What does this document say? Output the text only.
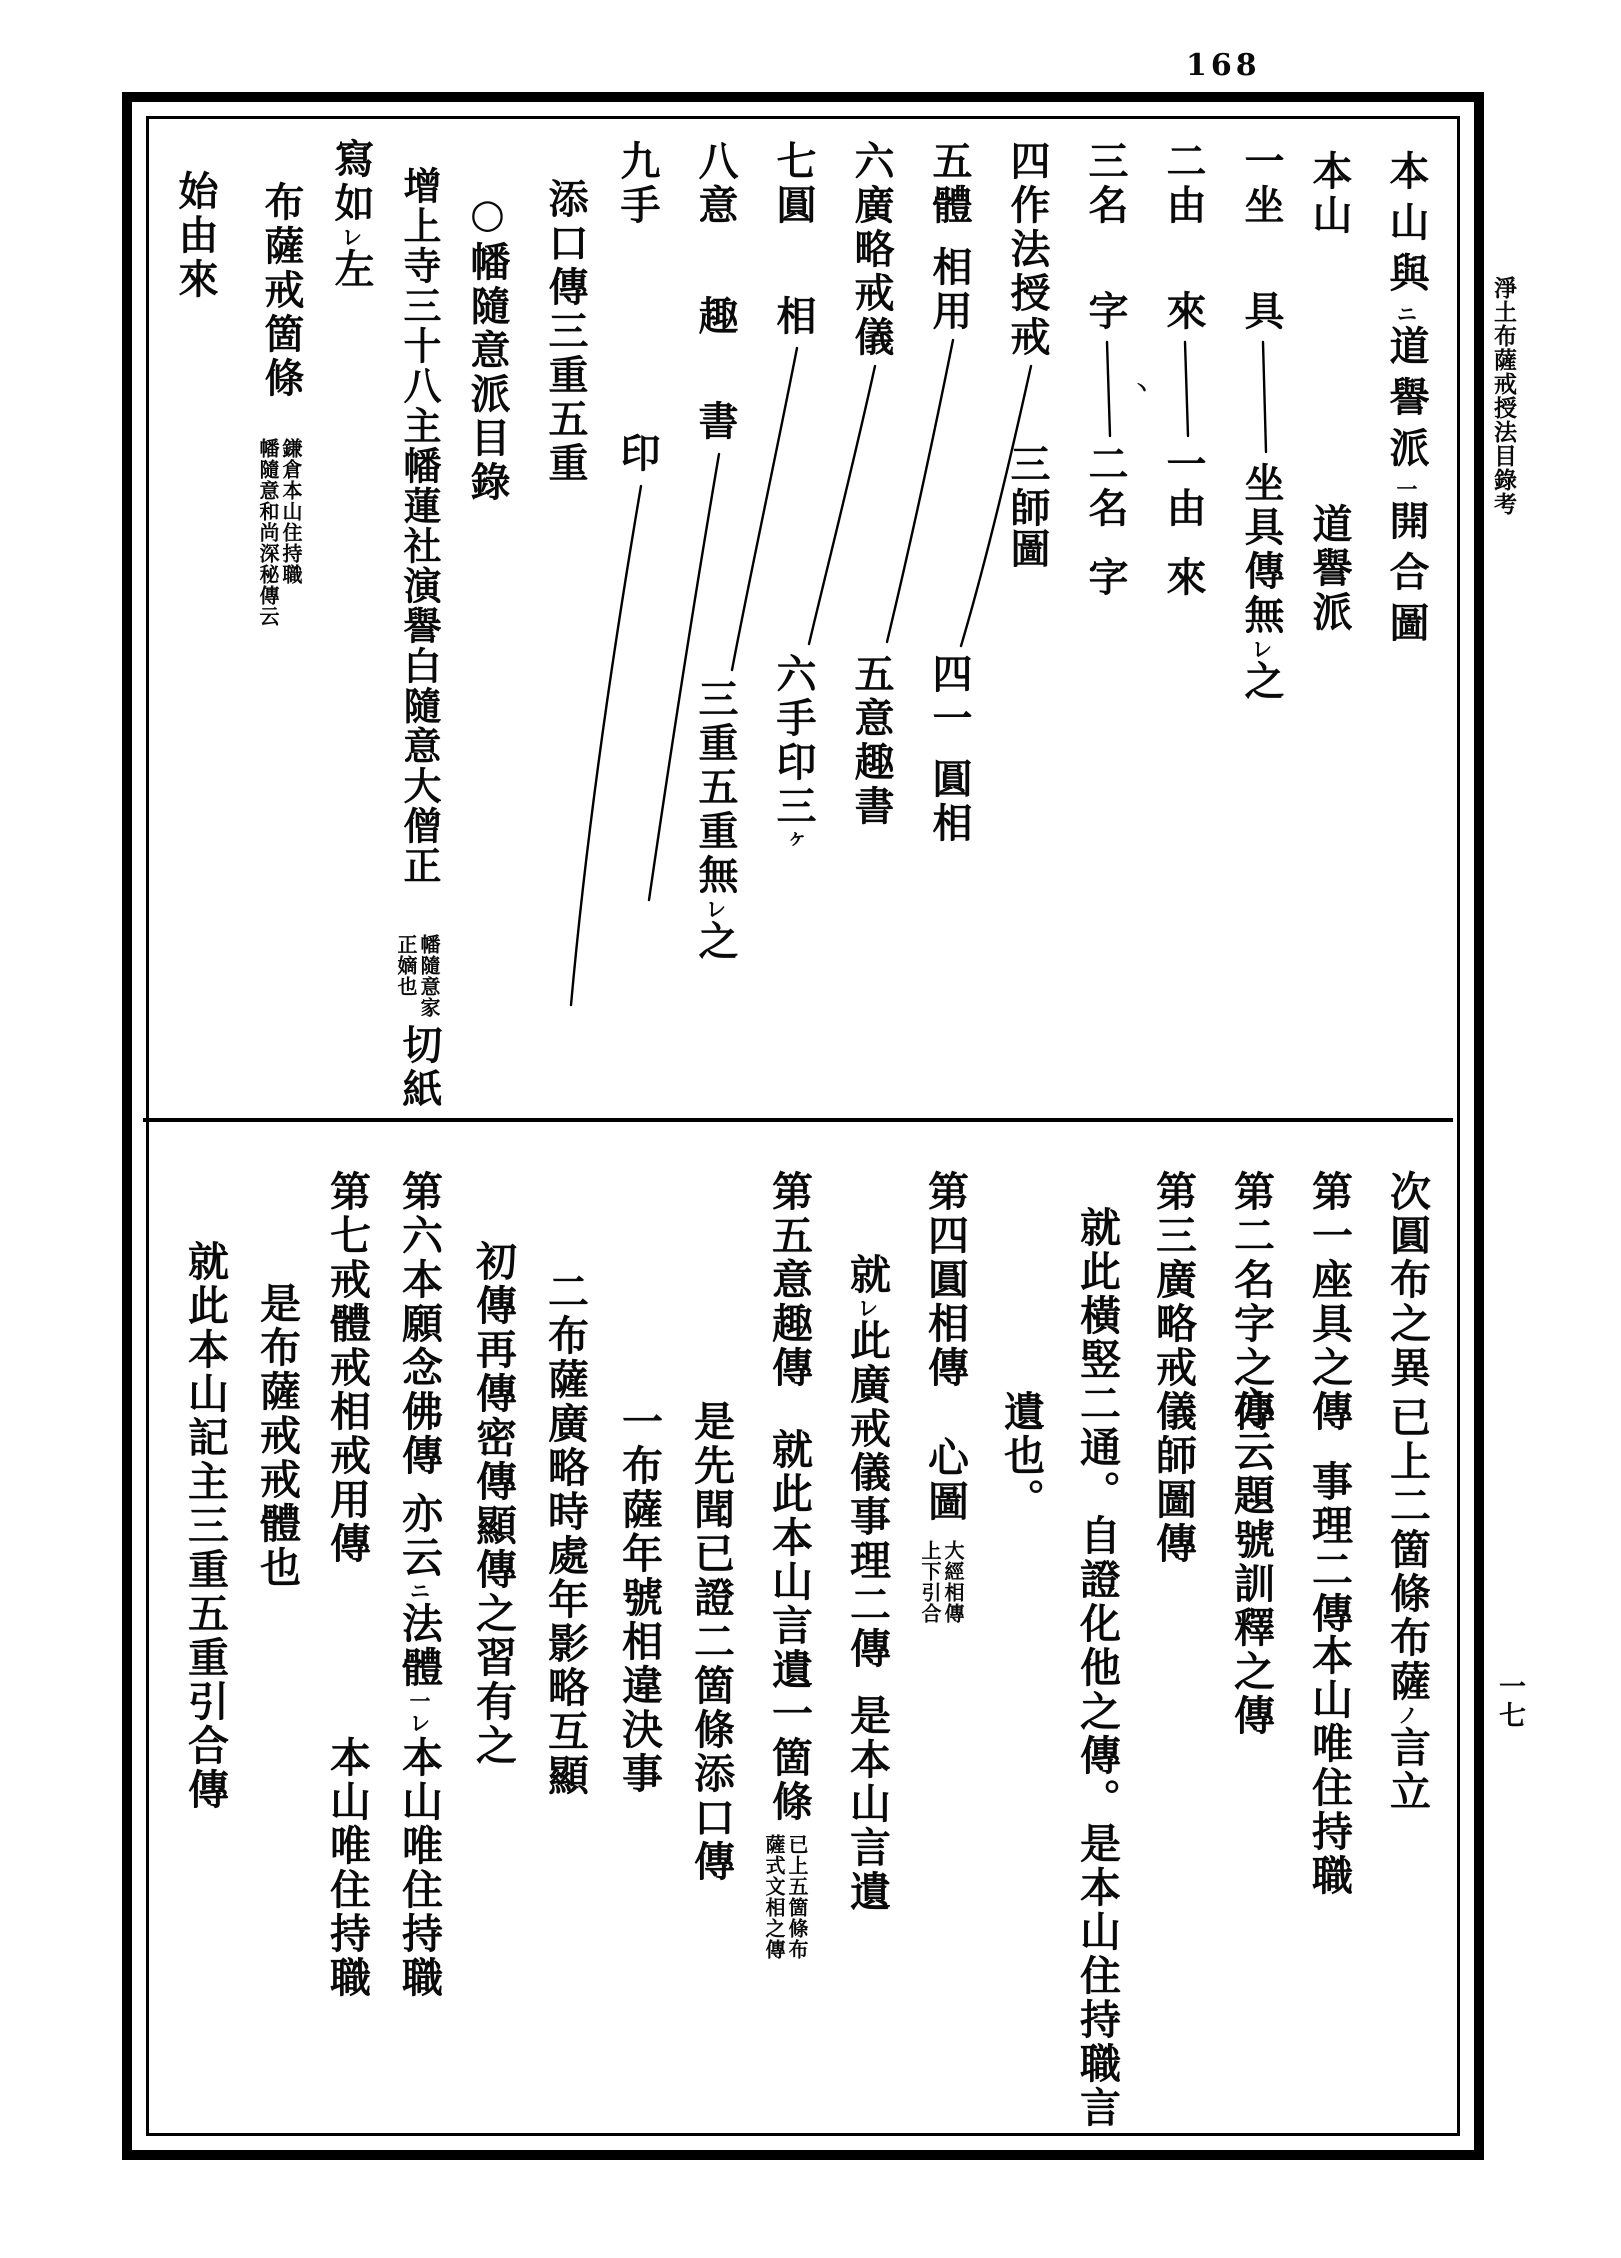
168
淨土布薩戒授法目錄考
一七
本山與ニ道譽派一開合圖
本山
一坐
具
二由
來
三名
字
四作法授戒
五體
相用
六廣略戒儀
七圓
相
八意
趣
書
九手
印
丶
道譽派
坐具傳無レ之
一由
來
二名
字
三師
圖
四一
圓相
五意趣書
六手印三ヶ
三重五重無レ之
添口傳三重五重
○幡隨意派目錄
增上寺三十八主幡蓮社演譽白隨意大僧正
幡隨意家
正嫡也
切紙
寫如レ左
布薩戒箇條
鎌倉本山住持職
幡隨意和尚深秘傳云
始由來
次圓布之異
已上二箇條布薩ノ言立
第一座具之傳
事理二傳
本山唯住持職
第二名字之傳
亦云題號訓釋之傳
第三廣略戒儀師圖傳
就此橫竪二通。自證化他之傳。是本山住持職言
遺也。
第四圓相傳
心圖
大經相傳
上下引合
就レ此廣戒儀事理二傳
是本山言遺
第五意趣傳
就此本山言遺一箇條
已上五箇條布
薩式文相之傳
是先聞已證二箇條添口傳
一布薩年號相違決事
二布薩廣略時處年影略互顯
初傳再傳密傳顯傳之習有之
第六本願念佛傳
亦云ニ法體一レ
本山唯住持職
第七戒體戒相戒用傳
本山唯住持職
是布薩戒戒體也
就此本山記主三重五重引合傳
